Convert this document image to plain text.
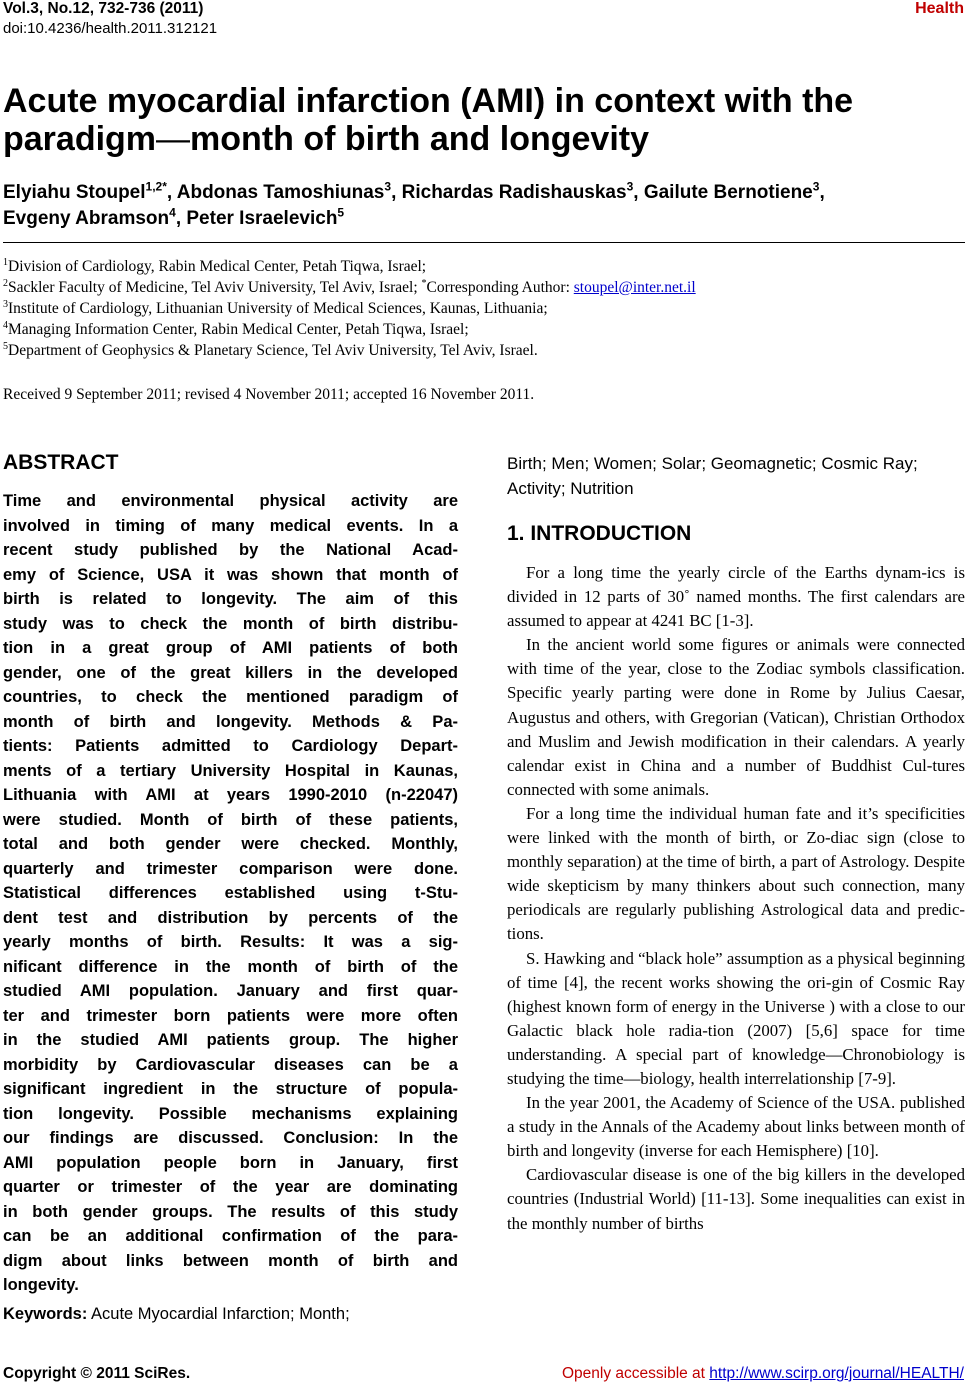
Vol.3, No.12, 732-736 (2011)
doi:10.4236/health.2011.312121
Health
Acute myocardial infarction (AMI) in context with the
paradigm—month of birth and longevity
Elyiahu Stoupel$^{1,2*}$, Abdonas Tamoshiunas$^3$, Richardas Radishauskas$^3$, Gailute Bernotiene$^3$,
Evgeny Abramson$^4$, Peter Israelevich$^5$
$^1$Division of Cardiology, Rabin Medical Center, Petah Tiqwa, Israel;
$^2$Sackler Faculty of Medicine, Tel Aviv University, Tel Aviv, Israel; *Corresponding Author: stoupel@inter.net.il
$^3$Institute of Cardiology, Lithuanian University of Medical Sciences, Kaunas, Lithuania;
$^4$Managing Information Center, Rabin Medical Center, Petah Tiqwa, Israel;
$^5$Department of Geophysics & Planetary Science, Tel Aviv University, Tel Aviv, Israel.
Received 9 September 2011; revised 4 November 2011; accepted 16 November 2011.
ABSTRACT
Time and environmental physical activity are
involved in timing of many medical events. In a
recent study published by the National Acad-
emy of Science, USA it was shown that month of
birth is related to longevity. The aim of this
study was to check the month of birth distribu-
tion in a great group of AMI patients of both
gender, one of the great killers in the developed
countries, to check the mentioned paradigm of
month of birth and longevity. Methods & Pa-
tients: Patients admitted to Cardiology Depart-
ments of a tertiary University Hospital in Kaunas,
Lithuania with AMI at years 1990-2010 (n-22047)
were studied. Month of birth of these patients,
total and both gender were checked. Monthly,
quarterly and trimester comparison were done.
Statistical differences established using t-Stu-
dent test and distribution by percents of the
yearly months of birth. Results: It was a sig-
nificant difference in the month of birth of the
studied AMI population. January and first quar-
ter and trimester born patients were more often
in the studied AMI patients group. The higher
morbidity by Cardiovascular diseases can be a
significant ingredient in the structure of popula-
tion longevity. Possible mechanisms explaining
our findings are discussed. Conclusion: In the
AMI population people born in January, first
quarter or trimester of the year are dominating
in both gender groups. The results of this study
can be an additional confirmation of the para-
digm about links between month of birth and
longevity.
Keywords: Acute Myocardial Infarction; Month;
Birth; Men; Women; Solar; Geomagnetic; Cosmic Ray; Activity; Nutrition
1. INTRODUCTION

For a long time the yearly circle of the Earths dynam-ics is divided in 12 parts of 30˚ named months. The first calendars are assumed to appear at 4241 BC [1-3].

In the ancient world some figures or animals were connected with time of the year, close to the Zodiac symbols classification. Specific yearly parting were done in Rome by Julius Caesar, Augustus and others, with Gregorian (Vatican), Christian Orthodox and Muslim and Jewish modification in their calendars. A yearly calendar exist in China and a number of Buddhist Cul-tures connected with some animals.

For a long time the individual human fate and it’s specificities were linked with the month of birth, or Zo-diac sign (close to monthly separation) at the time of birth, a part of Astrology. Despite wide skepticism by many thinkers about such connection, many periodicals are regularly publishing Astrological data and predic-tions.

S. Hawking and “black hole” assumption as a physical beginning of time [4], the recent works showing the ori-gin of Cosmic Ray (highest known form of energy in the Universe ) with a close to our Galactic black hole radia-tion (2007) [5,6] space for time understanding. A special part of knowledge―Chronobiology is studying the time―biology, health interrelationship [7-9].

In the year 2001, the Academy of Science of the USA. published a study in the Annals of the Academy about links between month of birth and longevity (inverse for each Hemisphere) [10].

Cardiovascular disease is one of the big killers in the developed countries (Industrial World) [11-13]. Some inequalities can exist in the monthly number of births

Copyright © 2011 SciRes.	Openly accessible at http://www.scirp.org/journal/HEALTH/
